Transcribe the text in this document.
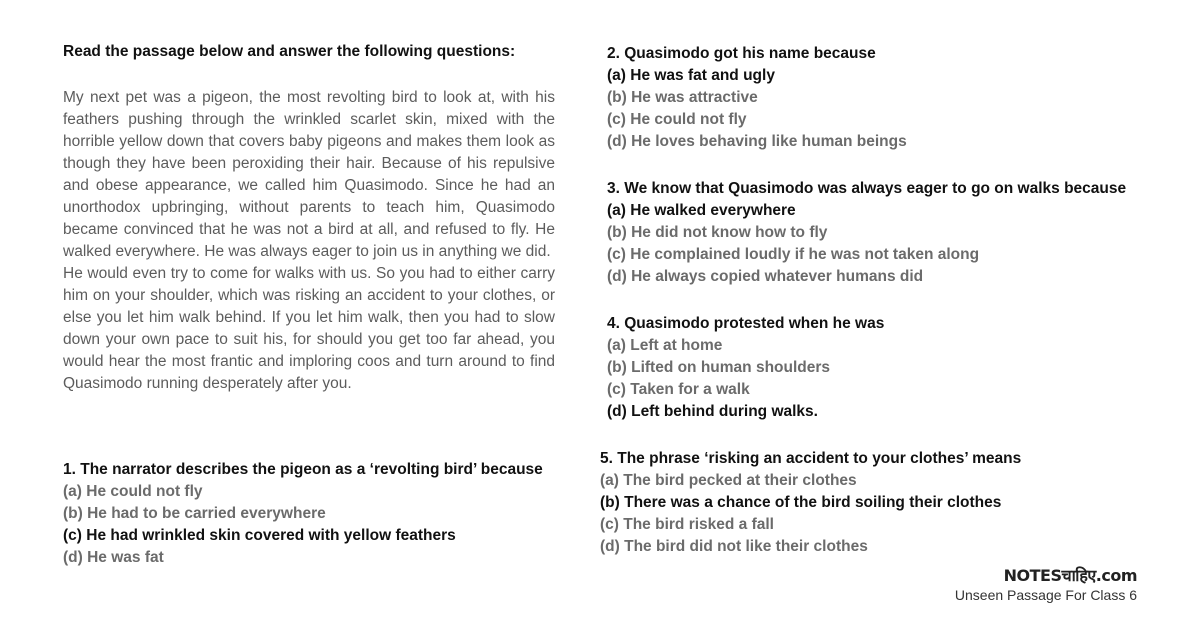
Read the passage below and answer the following questions:

My next pet was a pigeon, the most revolting bird to look at, with his feathers pushing through the wrinkled scarlet skin, mixed with the horrible yellow down that covers baby pigeons and makes them look as though they have been peroxiding their hair. Because of his repulsive and obese appearance, we called him Quasimodo. Since he had an unorthodox upbringing, without parents to teach him, Quasimodo became convinced that he was not a bird at all, and refused to fly. He walked everywhere. He was always eager to join us in anything we did.

He would even try to come for walks with us. So you had to either carry him on your shoulder, which was risking an accident to your clothes, or else you let him walk behind. If you let him walk, then you had to slow down your own pace to suit his, for should you get too far ahead, you would hear the most frantic and imploring coos and turn around to find Quasimodo running desperately after you.

1. The narrator describes the pigeon as a ‘revolting bird’ because
(a) He could not fly
(b) He had to be carried everywhere
(c) He had wrinkled skin covered with yellow feathers
(d) He was fat
2. Quasimodo got his name because
(a) He was fat and ugly
(b) He was attractive
(c) He could not fly
(d) He loves behaving like human beings
3. We know that Quasimodo was always eager to go on walks because
(a) He walked everywhere
(b) He did not know how to fly
(c) He complained loudly if he was not taken along
(d) He always copied whatever humans did
4. Quasimodo protested when he was
(a) Left at home
(b) Lifted on human shoulders
(c) Taken for a walk
(d) Left behind during walks.
5. The phrase ‘risking an accident to your clothes’ means
(a) The bird pecked at their clothes
(b) There was a chance of the bird soiling their clothes
(c) The bird risked a fall
(d) The bird did not like their clothes
NOTESचाहिए.com
Unseen Passage For Class 6
